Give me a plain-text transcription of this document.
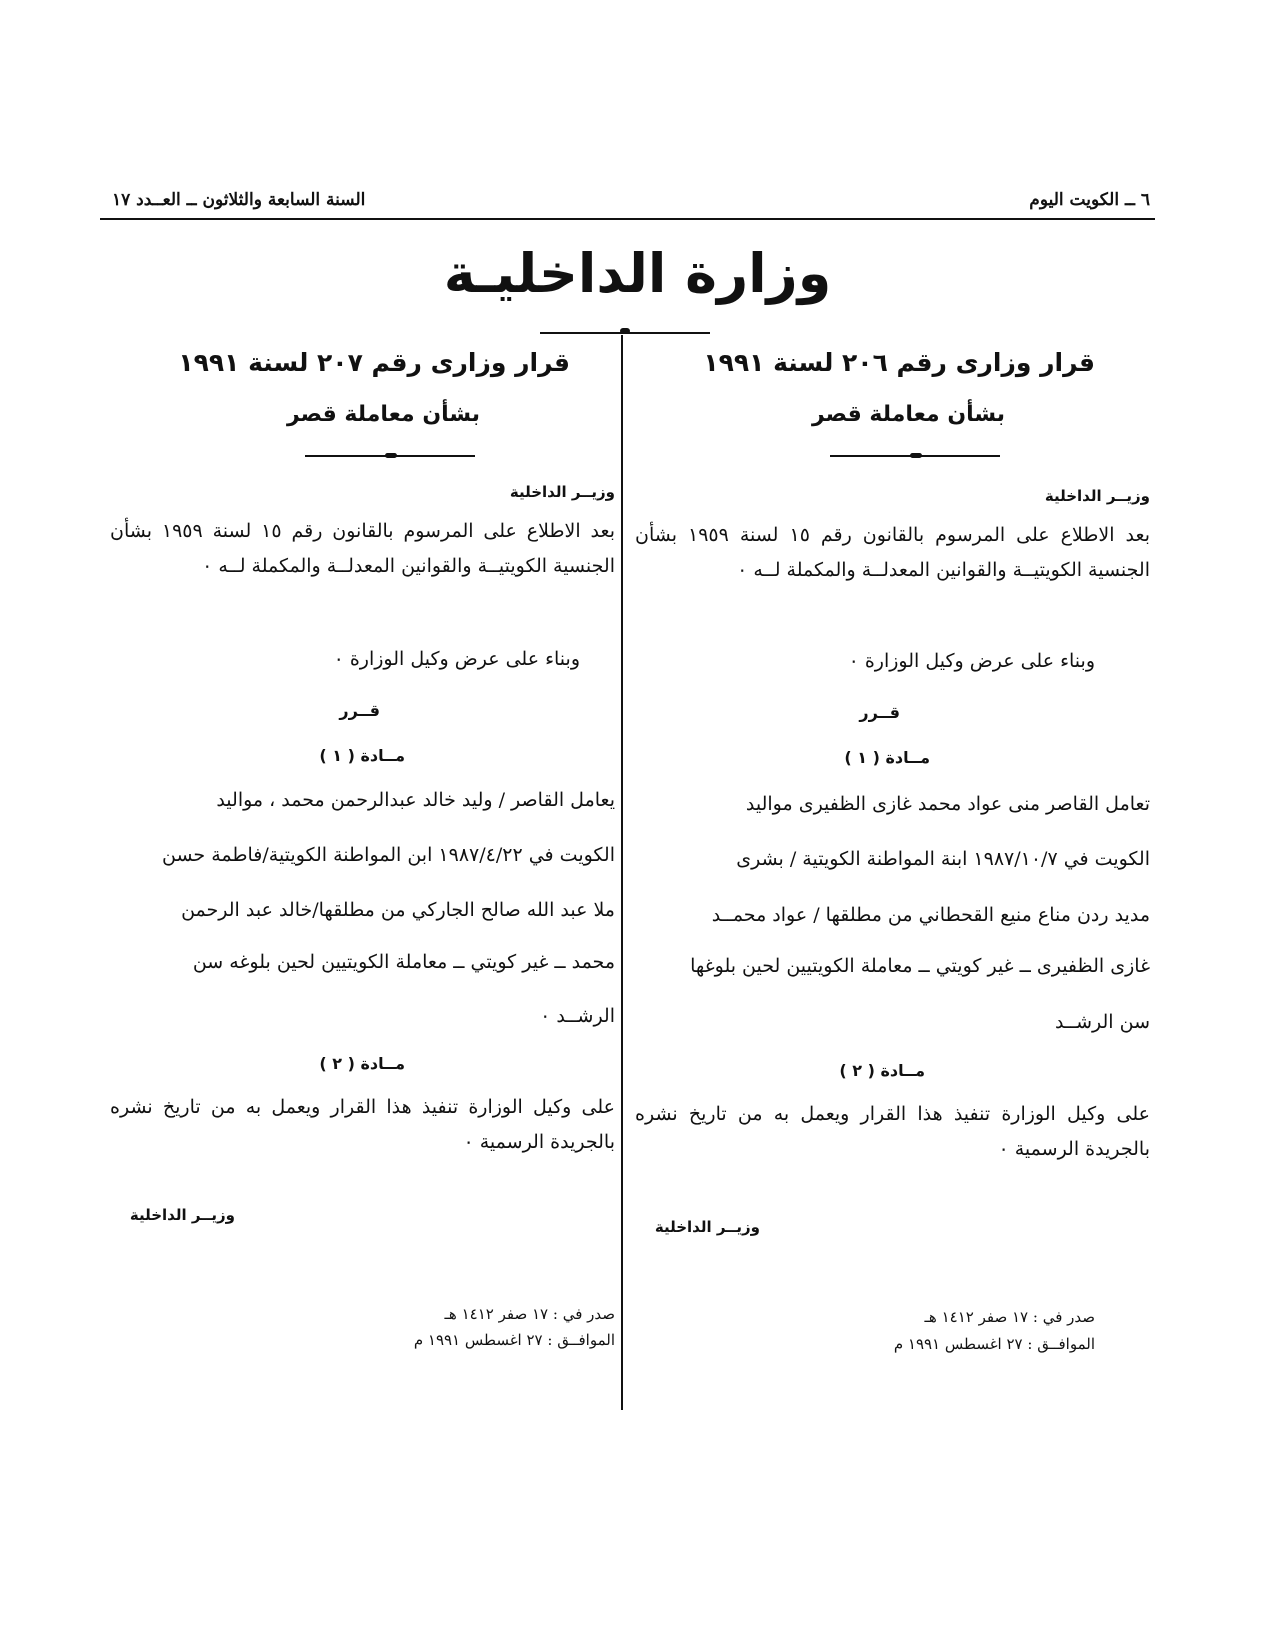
٦ ــ الكويت اليوم
السنة السابعة والثلاثون ــ العــدد ١٧
وزارة الداخليـة
قرار وزارى رقم ٢٠٦ لسنة ١٩٩١
بشأن معاملة قصر
وزيــر الداخلية
بعد الاطلاع على المرسوم بالقانون رقم ١٥ لسنة ١٩٥٩ بشأن الجنسية الكويتيــة والقوانين المعدلــة والمكملة لــه ٠
وبناء على عرض وكيل الوزارة ٠
قــرر
مــادة ( ١ )
تعامل القاصر منى عواد محمد غازى الظفيرى مواليد
الكويت في ١٩٨٧/١٠/٧ ابنة المواطنة الكويتية / بشرى
مديد ردن مناع منيع القحطاني من مطلقها / عواد محمــد
غازى الظفيرى ــ غير كويتي ــ معاملة الكويتيين لحين بلوغها
سن الرشــد
مــادة ( ٢ )
على وكيل الوزارة تنفيذ هذا القرار ويعمل به من تاريخ نشره بالجريدة الرسمية ٠
وزيــر الداخلية
صدر في : ١٧ صفر ١٤١٢ هـ
الموافــق : ٢٧ اغسطس ١٩٩١ م
قرار وزارى رقم ٢٠٧ لسنة ١٩٩١
بشأن معاملة قصر
وزيــر الداخلية
بعد الاطلاع على المرسوم بالقانون رقم ١٥ لسنة ١٩٥٩ بشأن الجنسية الكويتيــة والقوانين المعدلــة والمكملة لــه ٠
وبناء على عرض وكيل الوزارة ٠
قــرر
مــادة ( ١ )
يعامل القاصر / وليد خالد عبدالرحمن محمد ، مواليد
الكويت في ١٩٨٧/٤/٢٢ ابن المواطنة الكويتية/فاطمة حسن
ملا عبد الله صالح الجاركي من مطلقها/خالد عبد الرحمن
محمد ــ غير كويتي ــ معاملة الكويتيين لحين بلوغه سن
الرشــد ٠
مــادة ( ٢ )
على وكيل الوزارة تنفيذ هذا القرار ويعمل به من تاريخ نشره بالجريدة الرسمية ٠
وزيــر الداخلية
صدر في : ١٧ صفر ١٤١٢ هـ
الموافــق : ٢٧ اغسطس ١٩٩١ م
